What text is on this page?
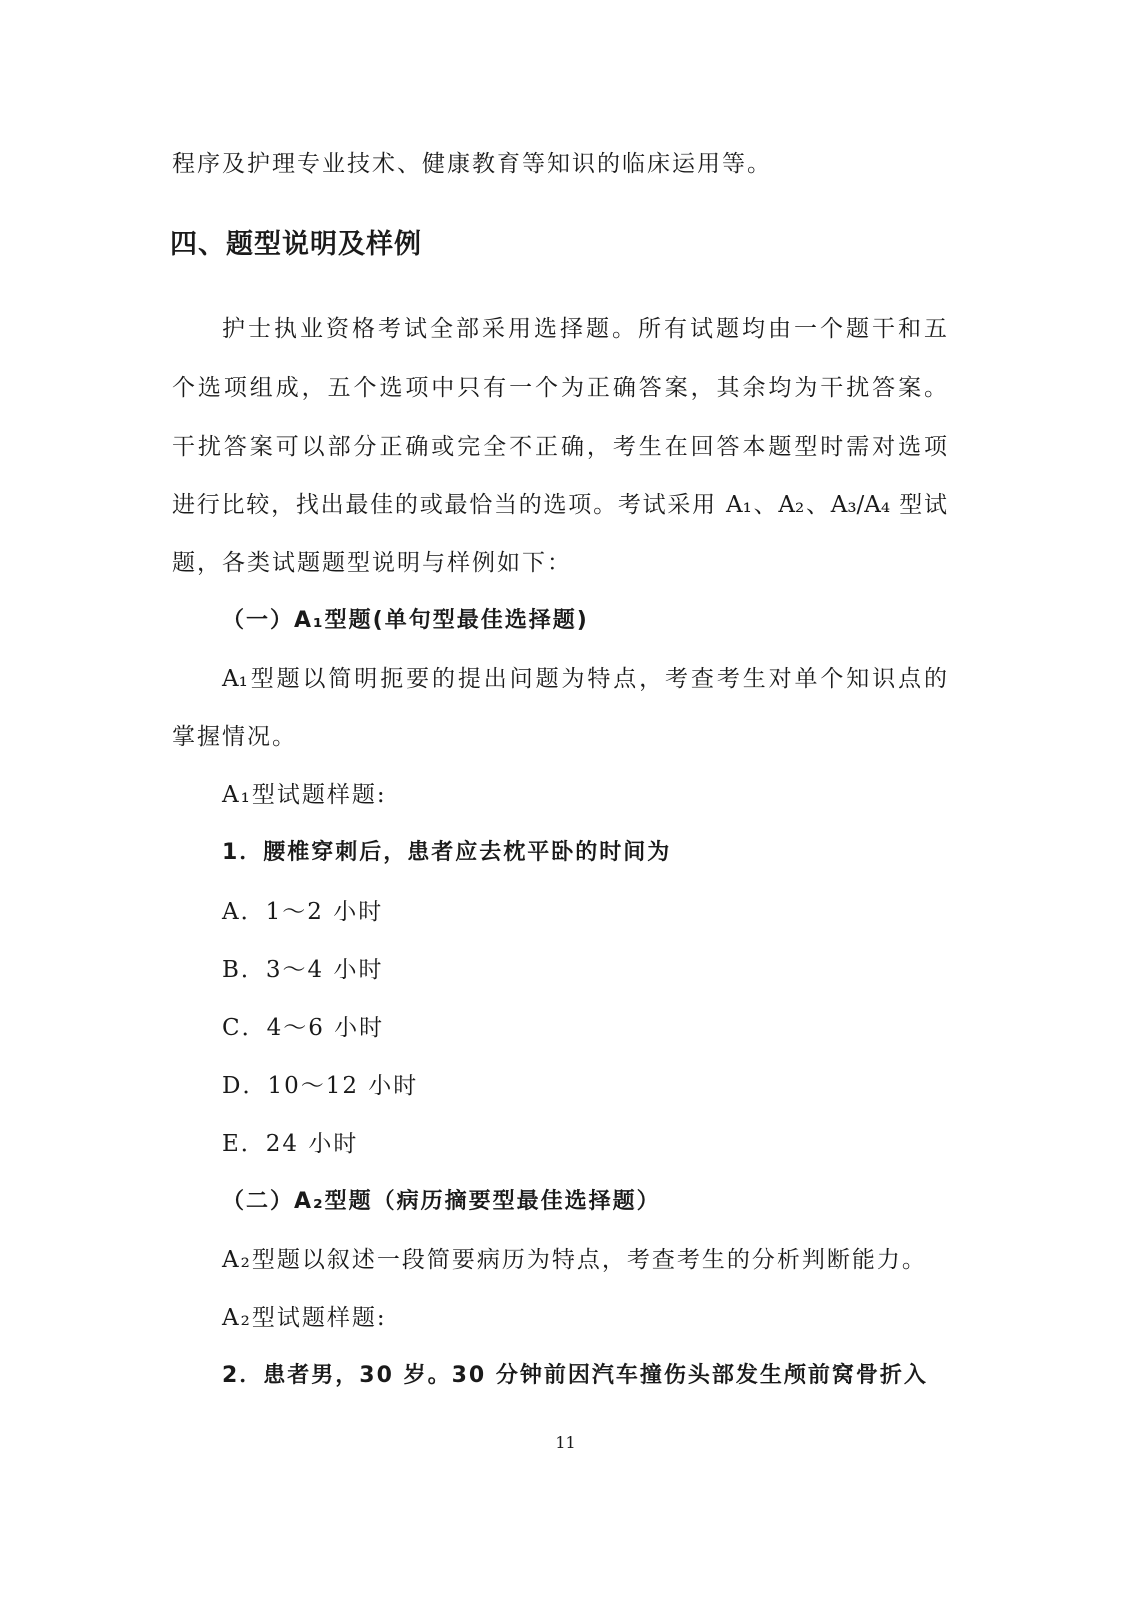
程序及护理专业技术、健康教育等知识的临床运用等。
四、题型说明及样例
护士执业资格考试全部采用选择题。所有试题均由一个题干和五
个选项组成，五个选项中只有一个为正确答案，其余均为干扰答案。
干扰答案可以部分正确或完全不正确，考生在回答本题型时需对选项
进行比较，找出最佳的或最恰当的选项。考试采用 A₁、A₂、A₃/A₄ 型试
题，各类试题题型说明与样例如下：
（一）A₁型题(单句型最佳选择题)
A₁型题以简明扼要的提出问题为特点，考查考生对单个知识点的
掌握情况。
A₁型试题样题:
1．腰椎穿刺后，患者应去枕平卧的时间为
A．1～2 小时
B．3～4 小时
C．4～6 小时
D．10～12 小时
E．24 小时
（二）A₂型题（病历摘要型最佳选择题）
A₂型题以叙述一段简要病历为特点，考查考生的分析判断能力。
A₂型试题样题:
2．患者男，30 岁。30 分钟前因汽车撞伤头部发生颅前窝骨折入
11
